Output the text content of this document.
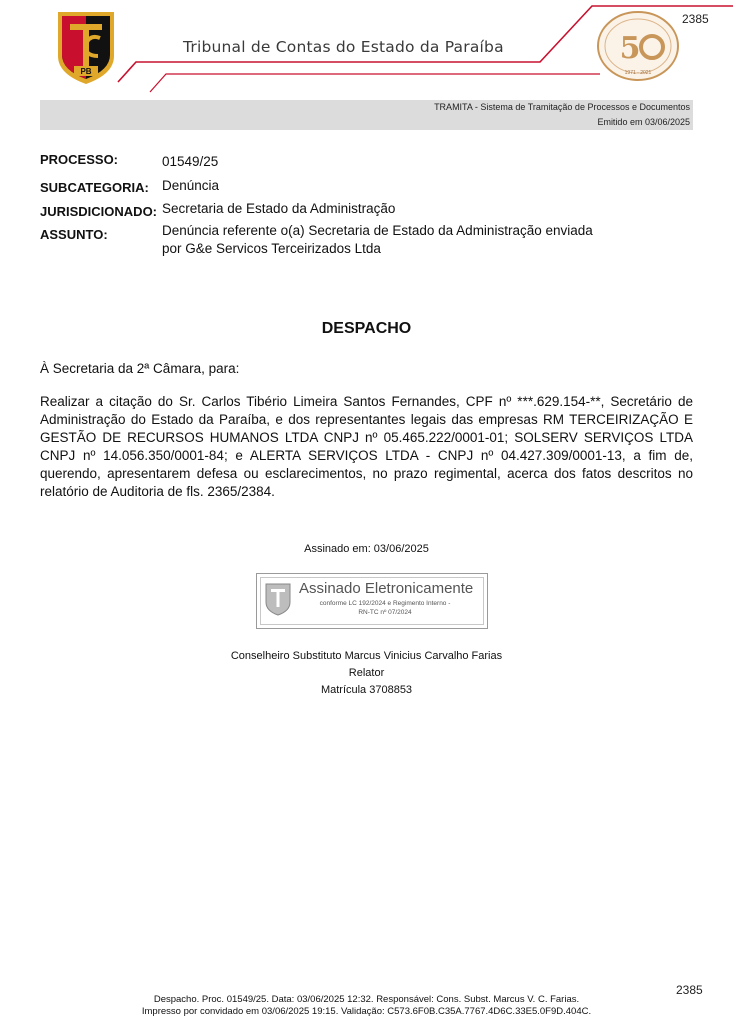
PB
Tribunal de Contas do Estado da Paraíba	5
1971 - 2021
2385
TRAMITA - Sistema de Tramitação de Processos e Documentos
Emitido em 03/06/2025
PROCESSO:	01549/25
SUBCATEGORIA: Denúncia
JURISDICIONADO: Secretaria de Estado da Administração
ASSUNTO:	Denúncia referente o(a) Secretaria de Estado da Administração enviada
por G&e Servicos Terceirizados Ltda
DESPACHO
À Secretaria da 2ª Câmara, para:
Realizar a citação do Sr. Carlos Tibério Limeira Santos Fernandes, CPF nº ***.629.154-**, Secretário de Administração do Estado da Paraíba, e dos representantes legais das empresas RM TERCEIRIZAÇÃO E GESTÃO DE RECURSOS HUMANOS LTDA CNPJ nº 05.465.222/0001-01; SOLSERV SERVIÇOS LTDA CNPJ nº 14.056.350/0001-84; e ALERTA SERVIÇOS LTDA - CNPJ nº 04.427.309/0001-13, a fim de, querendo, apresentarem defesa ou esclarecimentos, no prazo regimental, acerca dos fatos descritos no relatório de Auditoria de fls. 2365/2384.
Assinado em: 03/06/2025
Assinado Eletronicamente
conforme LC 192/2024 e Regimento Interno -
RN-TC nº 07/2024
Conselheiro Substituto Marcus Vinicius Carvalho Farias
Relator
Matrícula 3708853
2385
Despacho. Proc. 01549/25. Data: 03/06/2025 12:32. Responsável: Cons. Subst. Marcus V. C. Farias.
Impresso por convidado em 03/06/2025 19:15. Validação: C573.6F0B.C35A.7767.4D6C.33E5.0F9D.404C.
